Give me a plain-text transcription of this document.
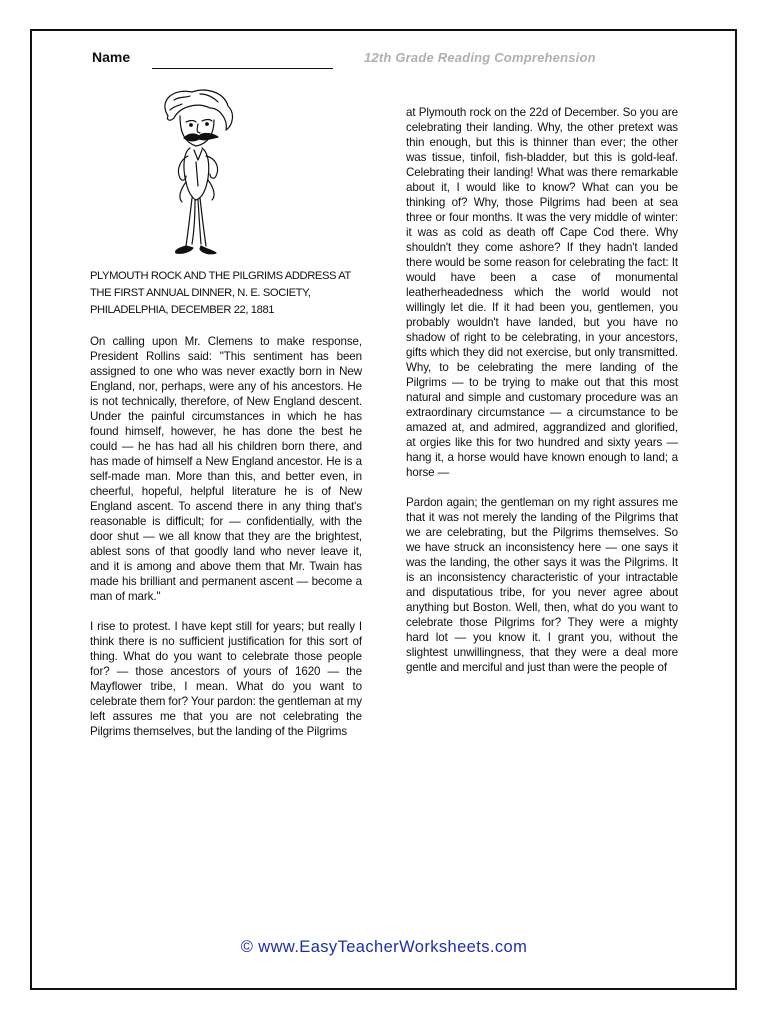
Name	12th Grade Reading Comprehension
PLYMOUTH ROCK AND THE PILGRIMS ADDRESS AT THE FIRST ANNUAL DINNER, N. E. SOCIETY, PHILADELPHIA, DECEMBER 22, 1881

On calling upon Mr. Clemens to make response, President Rollins said: "This sentiment has been assigned to one who was never exactly born in New England, nor, perhaps, were any of his ancestors. He is not technically, therefore, of New England descent. Under the painful circumstances in which he has found himself, however, he has done the best he could — he has had all his children born there, and has made of himself a New England ancestor. He is a self-made man. More than this, and better even, in cheerful, hopeful, helpful literature he is of New England ascent. To ascend there in any thing that's reasonable is difficult; for — confidentially, with the door shut — we all know that they are the brightest, ablest sons of that goodly land who never leave it, and it is among and above them that Mr. Twain has made his brilliant and permanent ascent — become a man of mark."

I rise to protest. I have kept still for years; but really I think there is no sufficient justification for this sort of thing. What do you want to celebrate those people for? — those ancestors of yours of 1620 — the Mayflower tribe, I mean. What do you want to celebrate them for? Your pardon: the gentleman at my left assures me that you are not celebrating the Pilgrims themselves, but the landing of the Pilgrims

at Plymouth rock on the 22d of December. So you are celebrating their landing. Why, the other pretext was thin enough, but this is thinner than ever; the other was tissue, tinfoil, fish-bladder, but this is gold-leaf. Celebrating their landing! What was there remarkable about it, I would like to know? What can you be thinking of? Why, those Pilgrims had been at sea three or four months. It was the very middle of winter: it was as cold as death off Cape Cod there. Why shouldn't they come ashore? If they hadn't landed there would be some reason for celebrating the fact: It would have been a case of monumental leatherheadedness which the world would not willingly let die. If it had been you, gentlemen, you probably wouldn't have landed, but you have no shadow of right to be celebrating, in your ancestors, gifts which they did not exercise, but only transmitted. Why, to be celebrating the mere landing of the Pilgrims — to be trying to make out that this most natural and simple and customary procedure was an extraordinary circumstance — a circumstance to be amazed at, and admired, aggrandized and glorified, at orgies like this for two hundred and sixty years — hang it, a horse would have known enough to land; a horse —

Pardon again; the gentleman on my right assures me that it was not merely the landing of the Pilgrims that we are celebrating, but the Pilgrims themselves. So we have struck an inconsistency here — one says it was the landing, the other says it was the Pilgrims. It is an inconsistency characteristic of your intractable and disputatious tribe, for you never agree about anything but Boston. Well, then, what do you want to celebrate those Pilgrims for? They were a mighty hard lot — you know it. I grant you, without the slightest unwillingness, that they were a deal more gentle and merciful and just than were the people of

© www.EasyTeacherWorksheets.com
